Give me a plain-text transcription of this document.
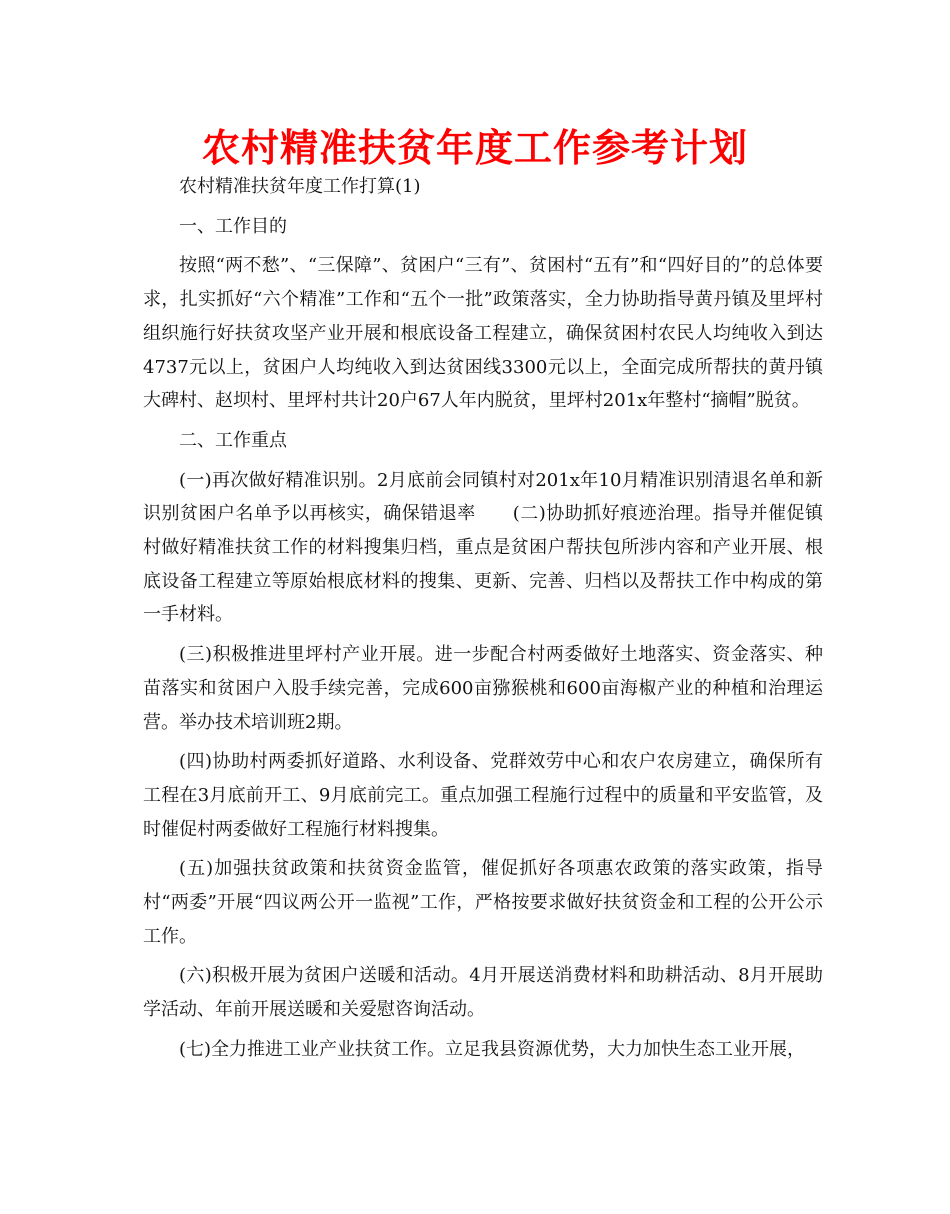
农村精准扶贫年度工作参考计划

农村精准扶贫年度工作打算(1)

一、工作目的

按照“两不愁”、“三保障”、贫困户“三有”、贫困村“五有”和“四好目的”的总体要求，扎实抓好“六个精准”工作和“五个一批”政策落实，全力协助指导黄丹镇及里坪村组织施行好扶贫攻坚产业开展和根底设备工程建立，确保贫困村农民人均纯收入到达4737元以上，贫困户人均纯收入到达贫困线3300元以上，全面完成所帮扶的黄丹镇大碑村、赵坝村、里坪村共计20户67人年内脱贫，里坪村201x年整村“摘帽”脱贫。

二、工作重点

(一)再次做好精准识别。2月底前会同镇村对201x年10月精准识别清退名单和新识别贫困户名单予以再核实，确保错退率　　(二)协助抓好痕迹治理。指导并催促镇村做好精准扶贫工作的材料搜集归档，重点是贫困户帮扶包所涉内容和产业开展、根底设备工程建立等原始根底材料的搜集、更新、完善、归档以及帮扶工作中构成的第一手材料。

(三)积极推进里坪村产业开展。进一步配合村两委做好土地落实、资金落实、种苗落实和贫困户入股手续完善，完成600亩猕猴桃和600亩海椒产业的种植和治理运营。举办技术培训班2期。

(四)协助村两委抓好道路、水利设备、党群效劳中心和农户农房建立，确保所有工程在3月底前开工、9月底前完工。重点加强工程施行过程中的质量和平安监管，及时催促村两委做好工程施行材料搜集。

(五)加强扶贫政策和扶贫资金监管，催促抓好各项惠农政策的落实政策，指导村“两委”开展“四议两公开一监视”工作，严格按要求做好扶贫资金和工程的公开公示工作。

(六)积极开展为贫困户送暖和活动。4月开展送消费材料和助耕活动、8月开展助学活动、年前开展送暖和关爱慰咨询活动。

(七)全力推进工业产业扶贫工作。立足我县资源优势，大力加快生态工业开展，
